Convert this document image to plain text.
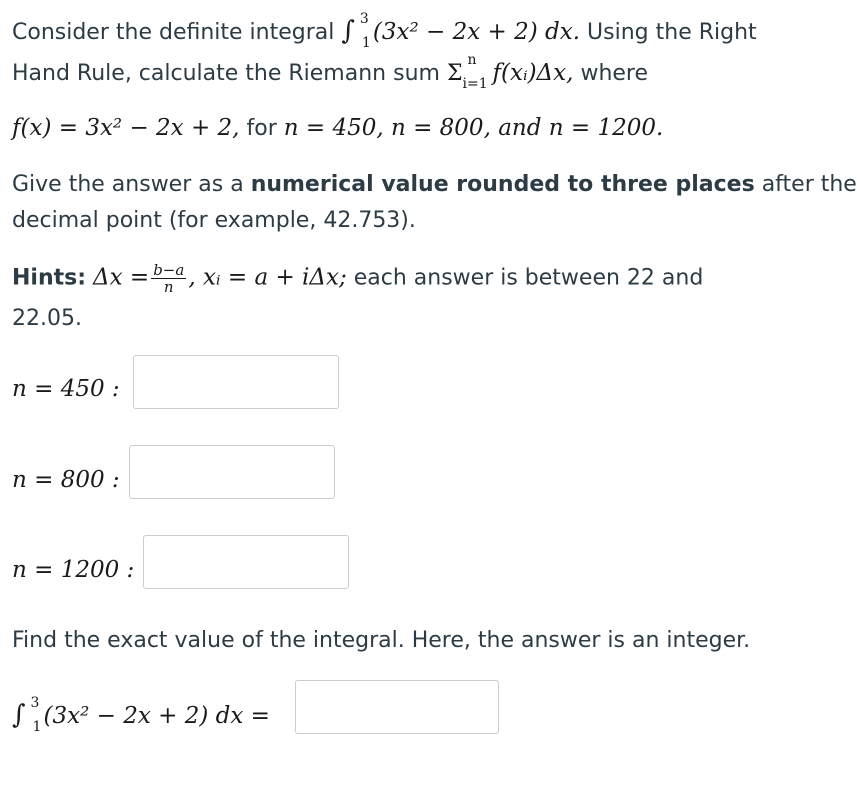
Consider the definite integral ∫ 3
1 (3x² − 2x + 2) dx. Using the Right
Hand Rule, calculate the Riemann sum Σ
n
i=1 f(xᵢ)Δx, where
f(x) = 3x² − 2x + 2, for n = 450, n = 800, and n = 1200.
Give the answer as a numerical value rounded to three places after the
decimal point (for example, 42.753).
Hints: $\Delta x = \frac{b-a}{n}$ , xᵢ = a + iΔx; each answer is between 22 and
22.05.
n = 450 :
n = 800 :
n = 1200 :
Find the exact value of the integral. Here, the answer is an integer.
∫ 3
1 (3x² − 2x + 2) dx =
